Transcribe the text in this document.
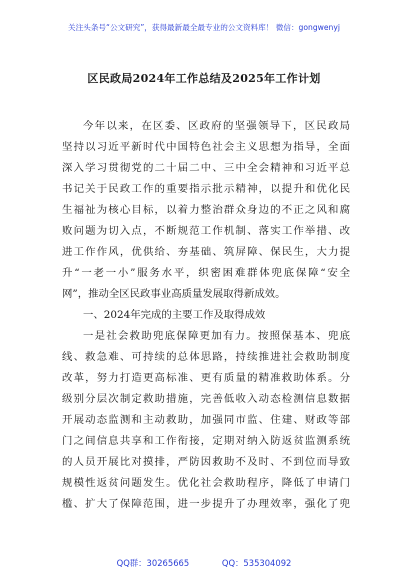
关注头条号“公文研究”，获得最新最全最专业的公文资料库！ 微信：gongwenyj
区民政局2024年工作总结及2025年工作计划
今年以来，在区委、区政府的坚强领导下，区民政局
坚持以习近平新时代中国特色社会主义思想为指导，全面
深入学习贯彻党的二十届二中、三中全会精神和习近平总
书记关于民政工作的重要指示批示精神，以提升和优化民
生福祉为核心目标，以着力整治群众身边的不正之风和腐
败问题为切入点，不断规范工作机制、落实工作举措、改
进工作作风，优供给、夯基础、筑屏障、保民生，大力提
升“一老一小”服务水平，织密困难群体兜底保障“安全
网”，推动全区民政事业高质量发展取得新成效。
一、2024年完成的主要工作及取得成效
一是社会救助兜底保障更加有力。按照保基本、兜底
线、救急难、可持续的总体思路，持续推进社会救助制度
改革，努力打造更高标准、更有质量的精准救助体系。分
级别分层次制定救助措施，完善低收入动态检测信息数据
开展动态监测和主动救助，加强同市监、住建、财政等部
门之间信息共享和工作衔接，定期对纳入防返贫监测系统
的人员开展比对摸排，严防因救助不及时、不到位而导致
规模性返贫问题发生。优化社会救助程序，降低了申请门
槛、扩大了保障范围，进一步提升了办理效率，强化了兜
QQ群：30265665	QQ：535304092
